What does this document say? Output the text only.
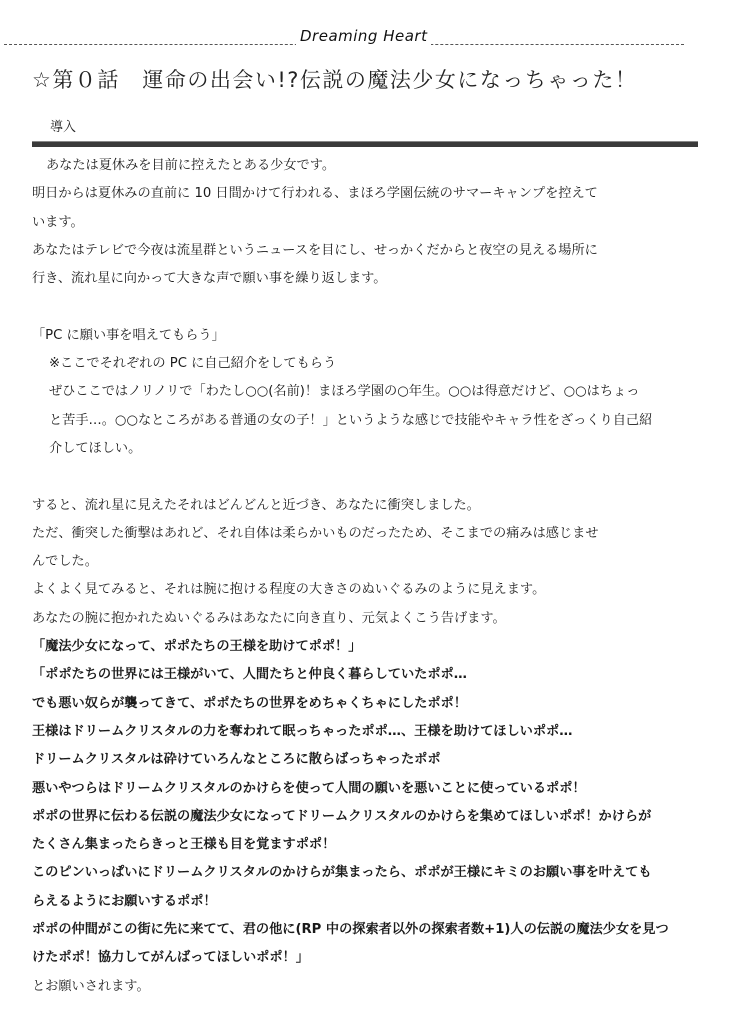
Dreaming Heart
☆第０話　運命の出会い!?伝説の魔法少女になっちゃった！
導入
あなたは夏休みを目前に控えたとある少女です。
明日からは夏休みの直前に 10 日間かけて行われる、まほろ学園伝統のサマーキャンプを控えて
います。
あなたはテレビで今夜は流星群というニュースを目にし、せっかくだからと夜空の見える場所に
行き、流れ星に向かって大きな声で願い事を繰り返します。
「PC に願い事を唱えてもらう」
※ここでそれぞれの PC に自己紹介をしてもらう
ぜひここではノリノリで「わたし○○(名前)！まほろ学園の○年生。○○は得意だけど、○○はちょっ
と苦手…。○○なところがある普通の女の子！」というような感じで技能やキャラ性をざっくり自己紹
介してほしい。
すると、流れ星に見えたそれはどんどんと近づき、あなたに衝突しました。
ただ、衝突した衝撃はあれど、それ自体は柔らかいものだったため、そこまでの痛みは感じませ
んでした。
よくよく見てみると、それは腕に抱ける程度の大きさのぬいぐるみのように見えます。
あなたの腕に抱かれたぬいぐるみはあなたに向き直り、元気よくこう告げます。
「魔法少女になって、ポポたちの王様を助けてポポ！」
「ポポたちの世界には王様がいて、人間たちと仲良く暮らしていたポポ…
でも悪い奴らが襲ってきて、ポポたちの世界をめちゃくちゃにしたポポ！
王様はドリームクリスタルの力を奪われて眠っちゃったポポ…、王様を助けてほしいポポ…
ドリームクリスタルは砕けていろんなところに散らばっちゃったポポ
悪いやつらはドリームクリスタルのかけらを使って人間の願いを悪いことに使っているポポ！
ポポの世界に伝わる伝説の魔法少女になってドリームクリスタルのかけらを集めてほしいポポ！かけらが
たくさん集まったらきっと王様も目を覚ますポポ！
このピンいっぱいにドリームクリスタルのかけらが集まったら、ポポが王様にキミのお願い事を叶えても
らえるようにお願いするポポ！
ポポの仲間がこの街に先に来てて、君の他に(RP 中の探索者以外の探索者数+1)人の伝説の魔法少女を見つ
けたポポ！協力してがんばってほしいポポ！」
とお願いされます。
